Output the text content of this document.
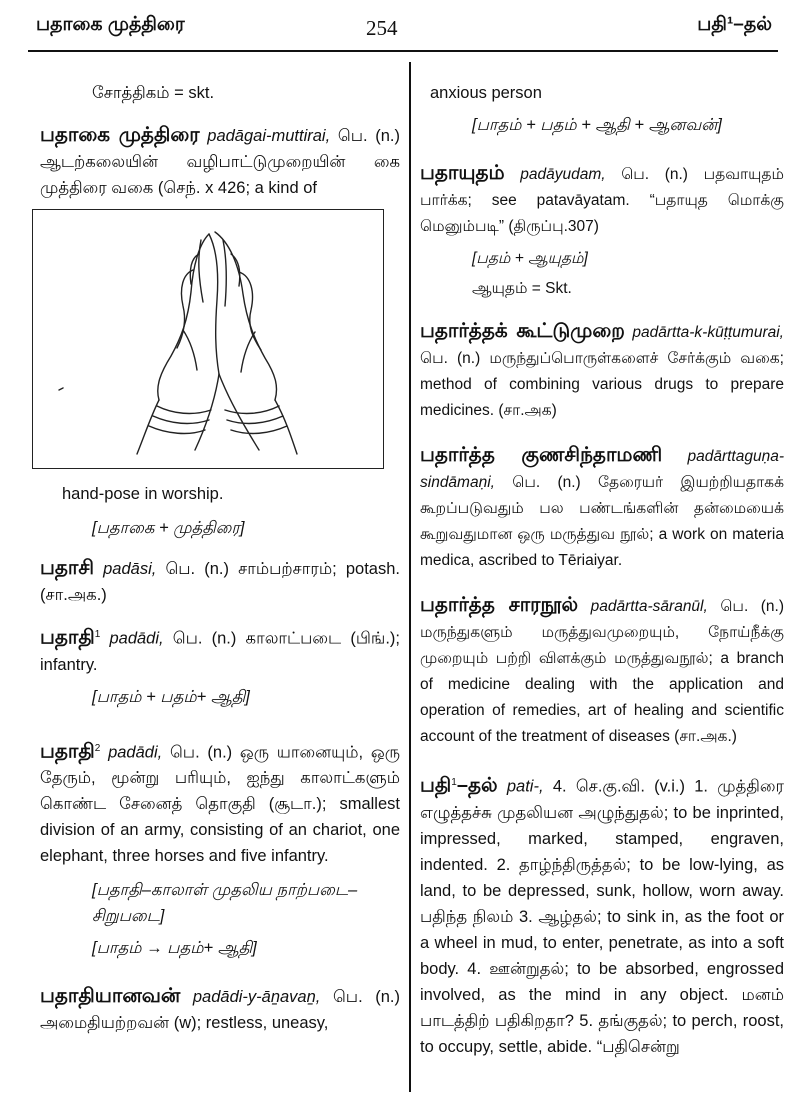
பதாகை முத்திரை	254	பதி¹–தல்

சோத்திகம் = skt.

பதாகை முத்திரை padāgai-muttirai, பெ. (n.) ஆடற்கலையின் வழிபாட்டுமுறையின் கை முத்திரை வகை (செந். x 426; a kind of

hand-pose in worship.

[பதாகை + முத்திரை]

பதாசி padāsi, பெ. (n.) சாம்பற்சாரம்; potash. (சா.அக.)

பதாதி$^1$ padādi, பெ. (n.) காலாட்படை (பிங்.); infantry.

[பாதம் + பதம்+ ஆதி]

பதாதி$^2$ padādi, பெ. (n.) ஒரு யானையும், ஒரு தேரும், மூன்று பரியும், ஐந்து காலாட்களும் கொண்ட சேனைத் தொகுதி (சூடா.); smallest division of an army, consisting of an chariot, one elephant, three horses and five infantry.

[பதாதி–காலாள் முதலிய நாற்படை–சிறுபடை]

[பாதம் → பதம்+ ஆதி]

பதாதியானவன் padādi-y-āṉavaṉ, பெ. (n.) அமைதியற்றவன் (w); restless, uneasy,

anxious person

[பாதம் + பதம் + ஆதி + ஆனவன்]

பதாயுதம் padāyudam, பெ. (n.) பதவாயுதம் பார்க்க; see patavāyatam. “பதாயுத மொக்கு மெனும்படி” (திருப்பு.307)

[பதம் + ஆயுதம்]

ஆயுதம் = Skt.

பதார்த்தக் கூட்டுமுறை padārtta-k-kūṭṭumurai, பெ. (n.) மருந்துப்பொருள்களைச் சேர்க்கும் வகை; method of combining various drugs to prepare medicines. (சா.அக)

பதார்த்த குணசிந்தாமணி padārttaguṇa-sindāmaṇi, பெ. (n.) தேரையர் இயற்றியதாகக் கூறப்படுவதும் பல பண்டங்களின் தன்மையைக் கூறுவதுமான ஒரு மருத்துவ நூல்; a work on materia medica, ascribed to Tēriaiyar.

பதார்த்த சாரநூல் padārtta-sāranūl, பெ. (n.) மருந்துகளும் மருத்துவமுறையும், நோய்நீக்கு முறையும் பற்றி விளக்கும் மருத்துவநூல்; a branch of medicine dealing with the application and operation of remedies, art of healing and scientific account of the treatment of diseases (சா.அக.)

பதி$^1$–தல் pati-, 4. செ.கு.வி. (v.i.) 1. முத்திரை எழுத்தச்சு முதலியன அழுந்துதல்; to be inprinted, impressed, marked, stamped, engraven, indented. 2. தாழ்ந்திருத்தல்; to be low-lying, as land, to be depressed, sunk, hollow, worn away. பதிந்த நிலம் 3. ஆழ்தல்; to sink in, as the foot or a wheel in mud, to enter, penetrate, as into a soft body. 4. ஊன்றுதல்; to be absorbed, engrossed involved, as the mind in any object. மனம் பாடத்திற் பதிகிறதா? 5. தங்குதல்; to perch, roost, to occupy, settle, abide. “பதிசென்று
